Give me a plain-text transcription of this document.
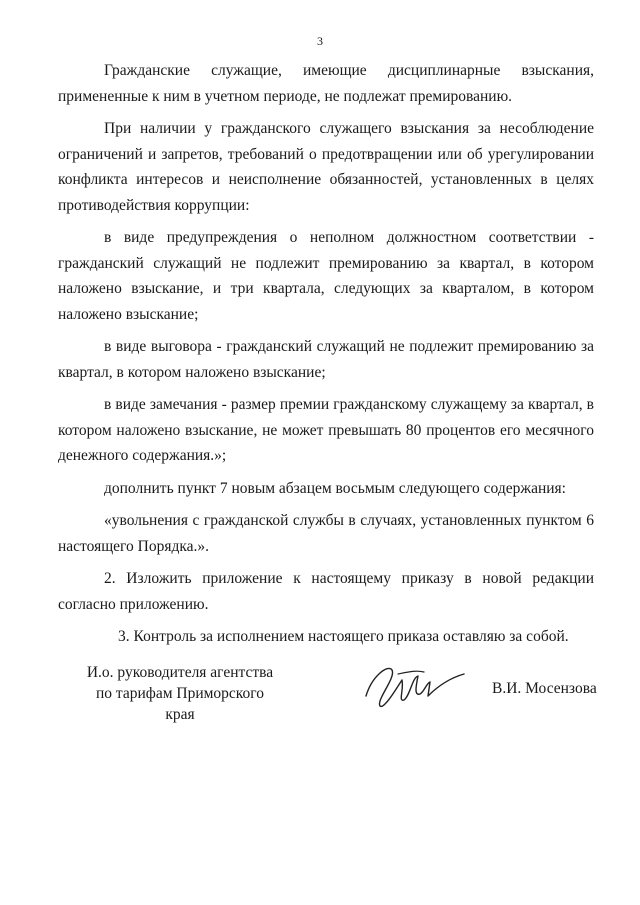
3

Гражданские служащие, имеющие дисциплинарные взыскания, примененные к ним в учетном периоде, не подлежат премированию.

При наличии у гражданского служащего взыскания за несоблюдение ограничений и запретов, требований о предотвращении или об урегулировании конфликта интересов и неисполнение обязанностей, установленных в целях противодействия коррупции:

в виде предупреждения о неполном должностном соответствии - гражданский служащий не подлежит премированию за квартал, в котором наложено взыскание, и три квартала, следующих за кварталом, в котором наложено взыскание;

в виде выговора - гражданский служащий не подлежит премированию за квартал, в котором наложено взыскание;

в виде замечания - размер премии гражданскому служащему за квартал, в котором наложено взыскание, не может превышать 80 процентов его месячного денежного содержания.»;

дополнить пункт 7 новым абзацем восьмым следующего содержания:

«увольнения с гражданской службы в случаях, установленных пунктом 6 настоящего Порядка.».

2. Изложить приложение к настоящему приказу в новой редакции согласно приложению.

3. Контроль за исполнением настоящего приказа оставляю за собой.

И.о. руководителя агентства
по тарифам Приморского края
В.И. Мосензова
